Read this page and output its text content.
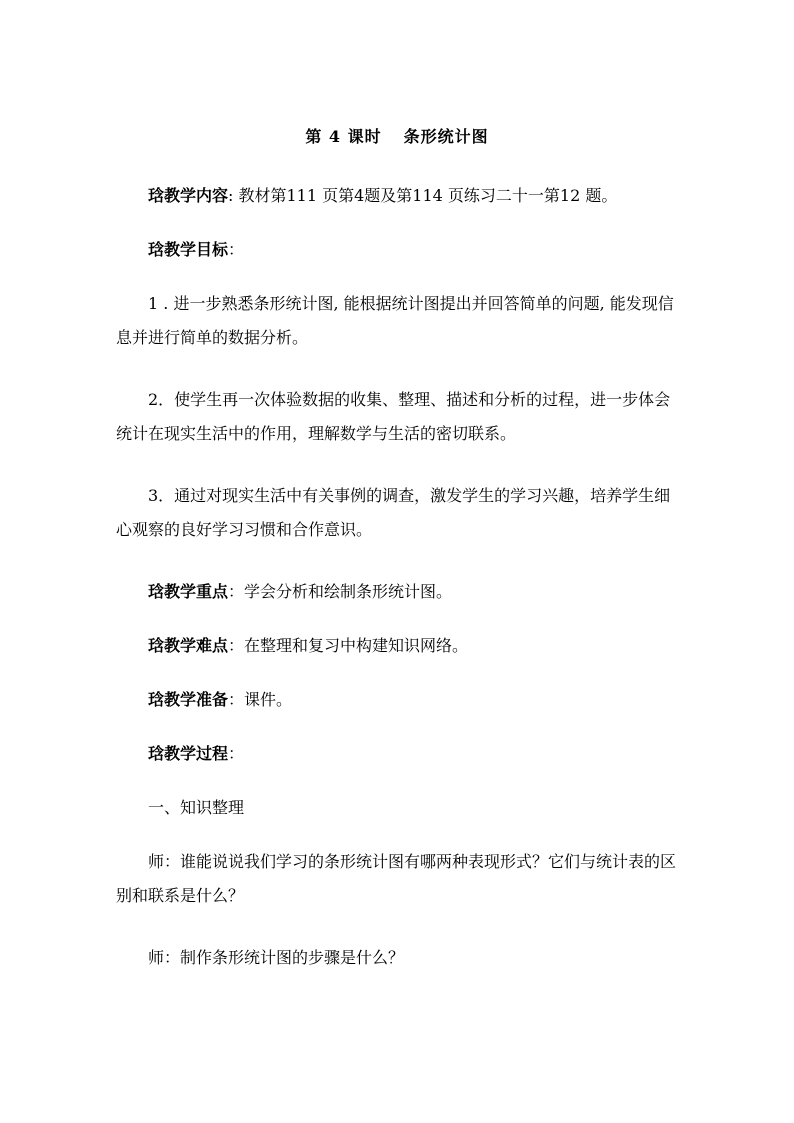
第 4 课时 条形统计图

琀教学内容: 教材第111 页第4题及第114 页练习二十一第12 题。

琀教学目标：

1 . 进一步熟悉条形统计图, 能根据统计图提出并回答简单的问题, 能发现信息并进行简单的数据分析。

2．使学生再一次体验数据的收集、整理、描述和分析的过程，进一步体会统计在现实生活中的作用，理解数学与生活的密切联系。

3．通过对现实生活中有关事例的调查，激发学生的学习兴趣，培养学生细心观察的良好学习习惯和合作意识。

琀教学重点：学会分析和绘制条形统计图。

琀教学难点：在整理和复习中构建知识网络。

琀教学准备：课件。

琀教学过程：

一、知识整理

师：谁能说说我们学习的条形统计图有哪两种表现形式？它们与统计表的区别和联系是什么？

师：制作条形统计图的步骤是什么？
